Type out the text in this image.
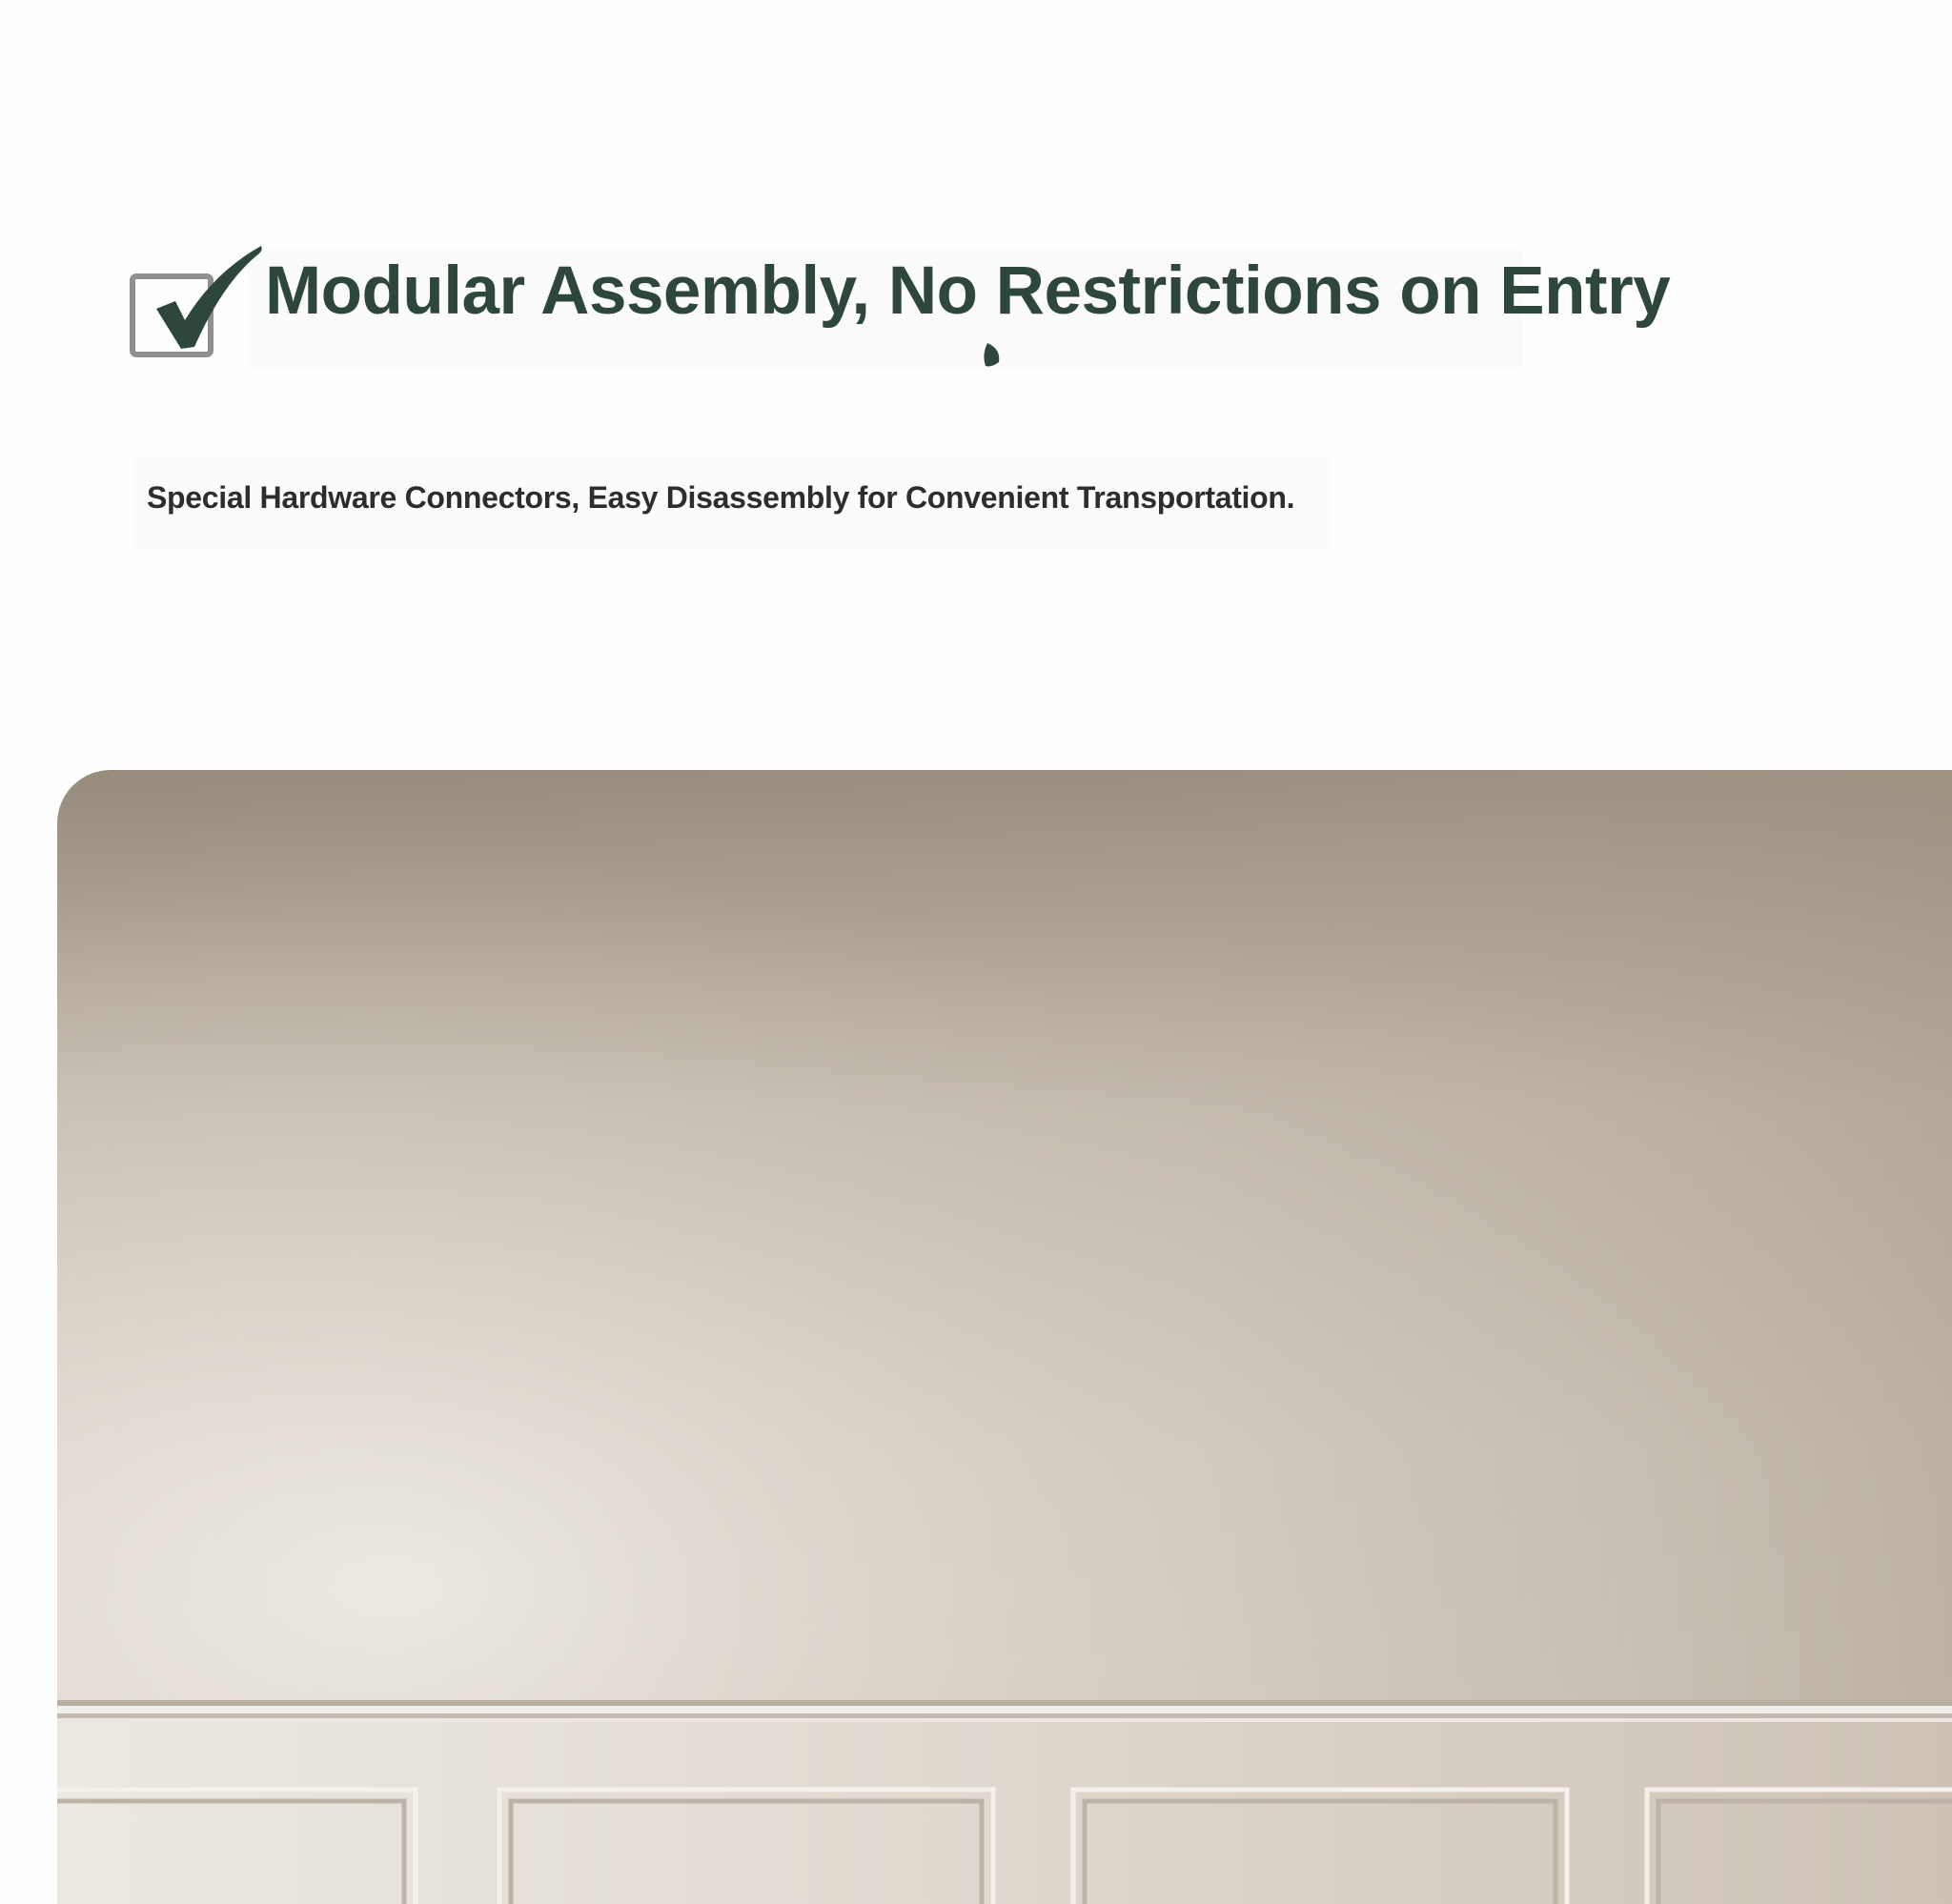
Modular Assembly, No Restrictions on Entry

Special Hardware Connectors, Easy Disassembly for Convenient Transportation.
